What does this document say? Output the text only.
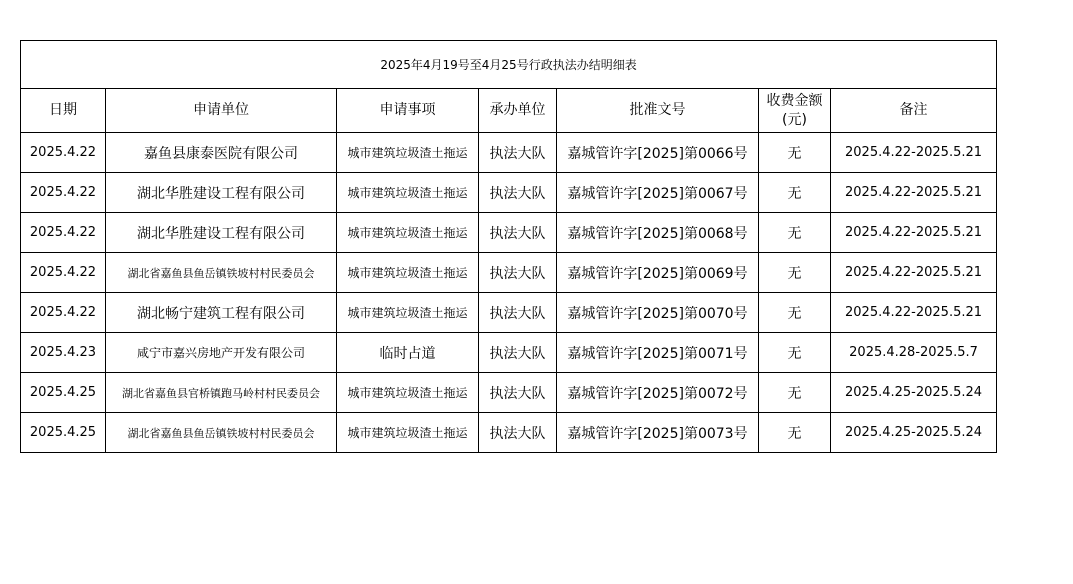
2025年4月19号至4月25号行政执法办结明细表						
日期	申请单位	申请事项	承办单位	批准文号	收费金额(元)	备注
2025.4.22	嘉鱼县康泰医院有限公司	城市建筑垃圾渣土拖运	执法大队	嘉城管许字[2025]第0066号	无	2025.4.22-2025.5.21
2025.4.22	湖北华胜建设工程有限公司	城市建筑垃圾渣土拖运	执法大队	嘉城管许字[2025]第0067号	无	2025.4.22-2025.5.21
2025.4.22	湖北华胜建设工程有限公司	城市建筑垃圾渣土拖运	执法大队	嘉城管许字[2025]第0068号	无	2025.4.22-2025.5.21
2025.4.22	湖北省嘉鱼县鱼岳镇铁坡村村民委员会	城市建筑垃圾渣土拖运	执法大队	嘉城管许字[2025]第0069号	无	2025.4.22-2025.5.21
2025.4.22	湖北畅宁建筑工程有限公司	城市建筑垃圾渣土拖运	执法大队	嘉城管许字[2025]第0070号	无	2025.4.22-2025.5.21
2025.4.23	咸宁市嘉兴房地产开发有限公司	临时占道	执法大队	嘉城管许字[2025]第0071号	无	2025.4.28-2025.5.7
2025.4.25	湖北省嘉鱼县官桥镇跑马岭村村民委员会	城市建筑垃圾渣土拖运	执法大队	嘉城管许字[2025]第0072号	无	2025.4.25-2025.5.24
2025.4.25	湖北省嘉鱼县鱼岳镇铁坡村村民委员会	城市建筑垃圾渣土拖运	执法大队	嘉城管许字[2025]第0073号	无	2025.4.25-2025.5.24
